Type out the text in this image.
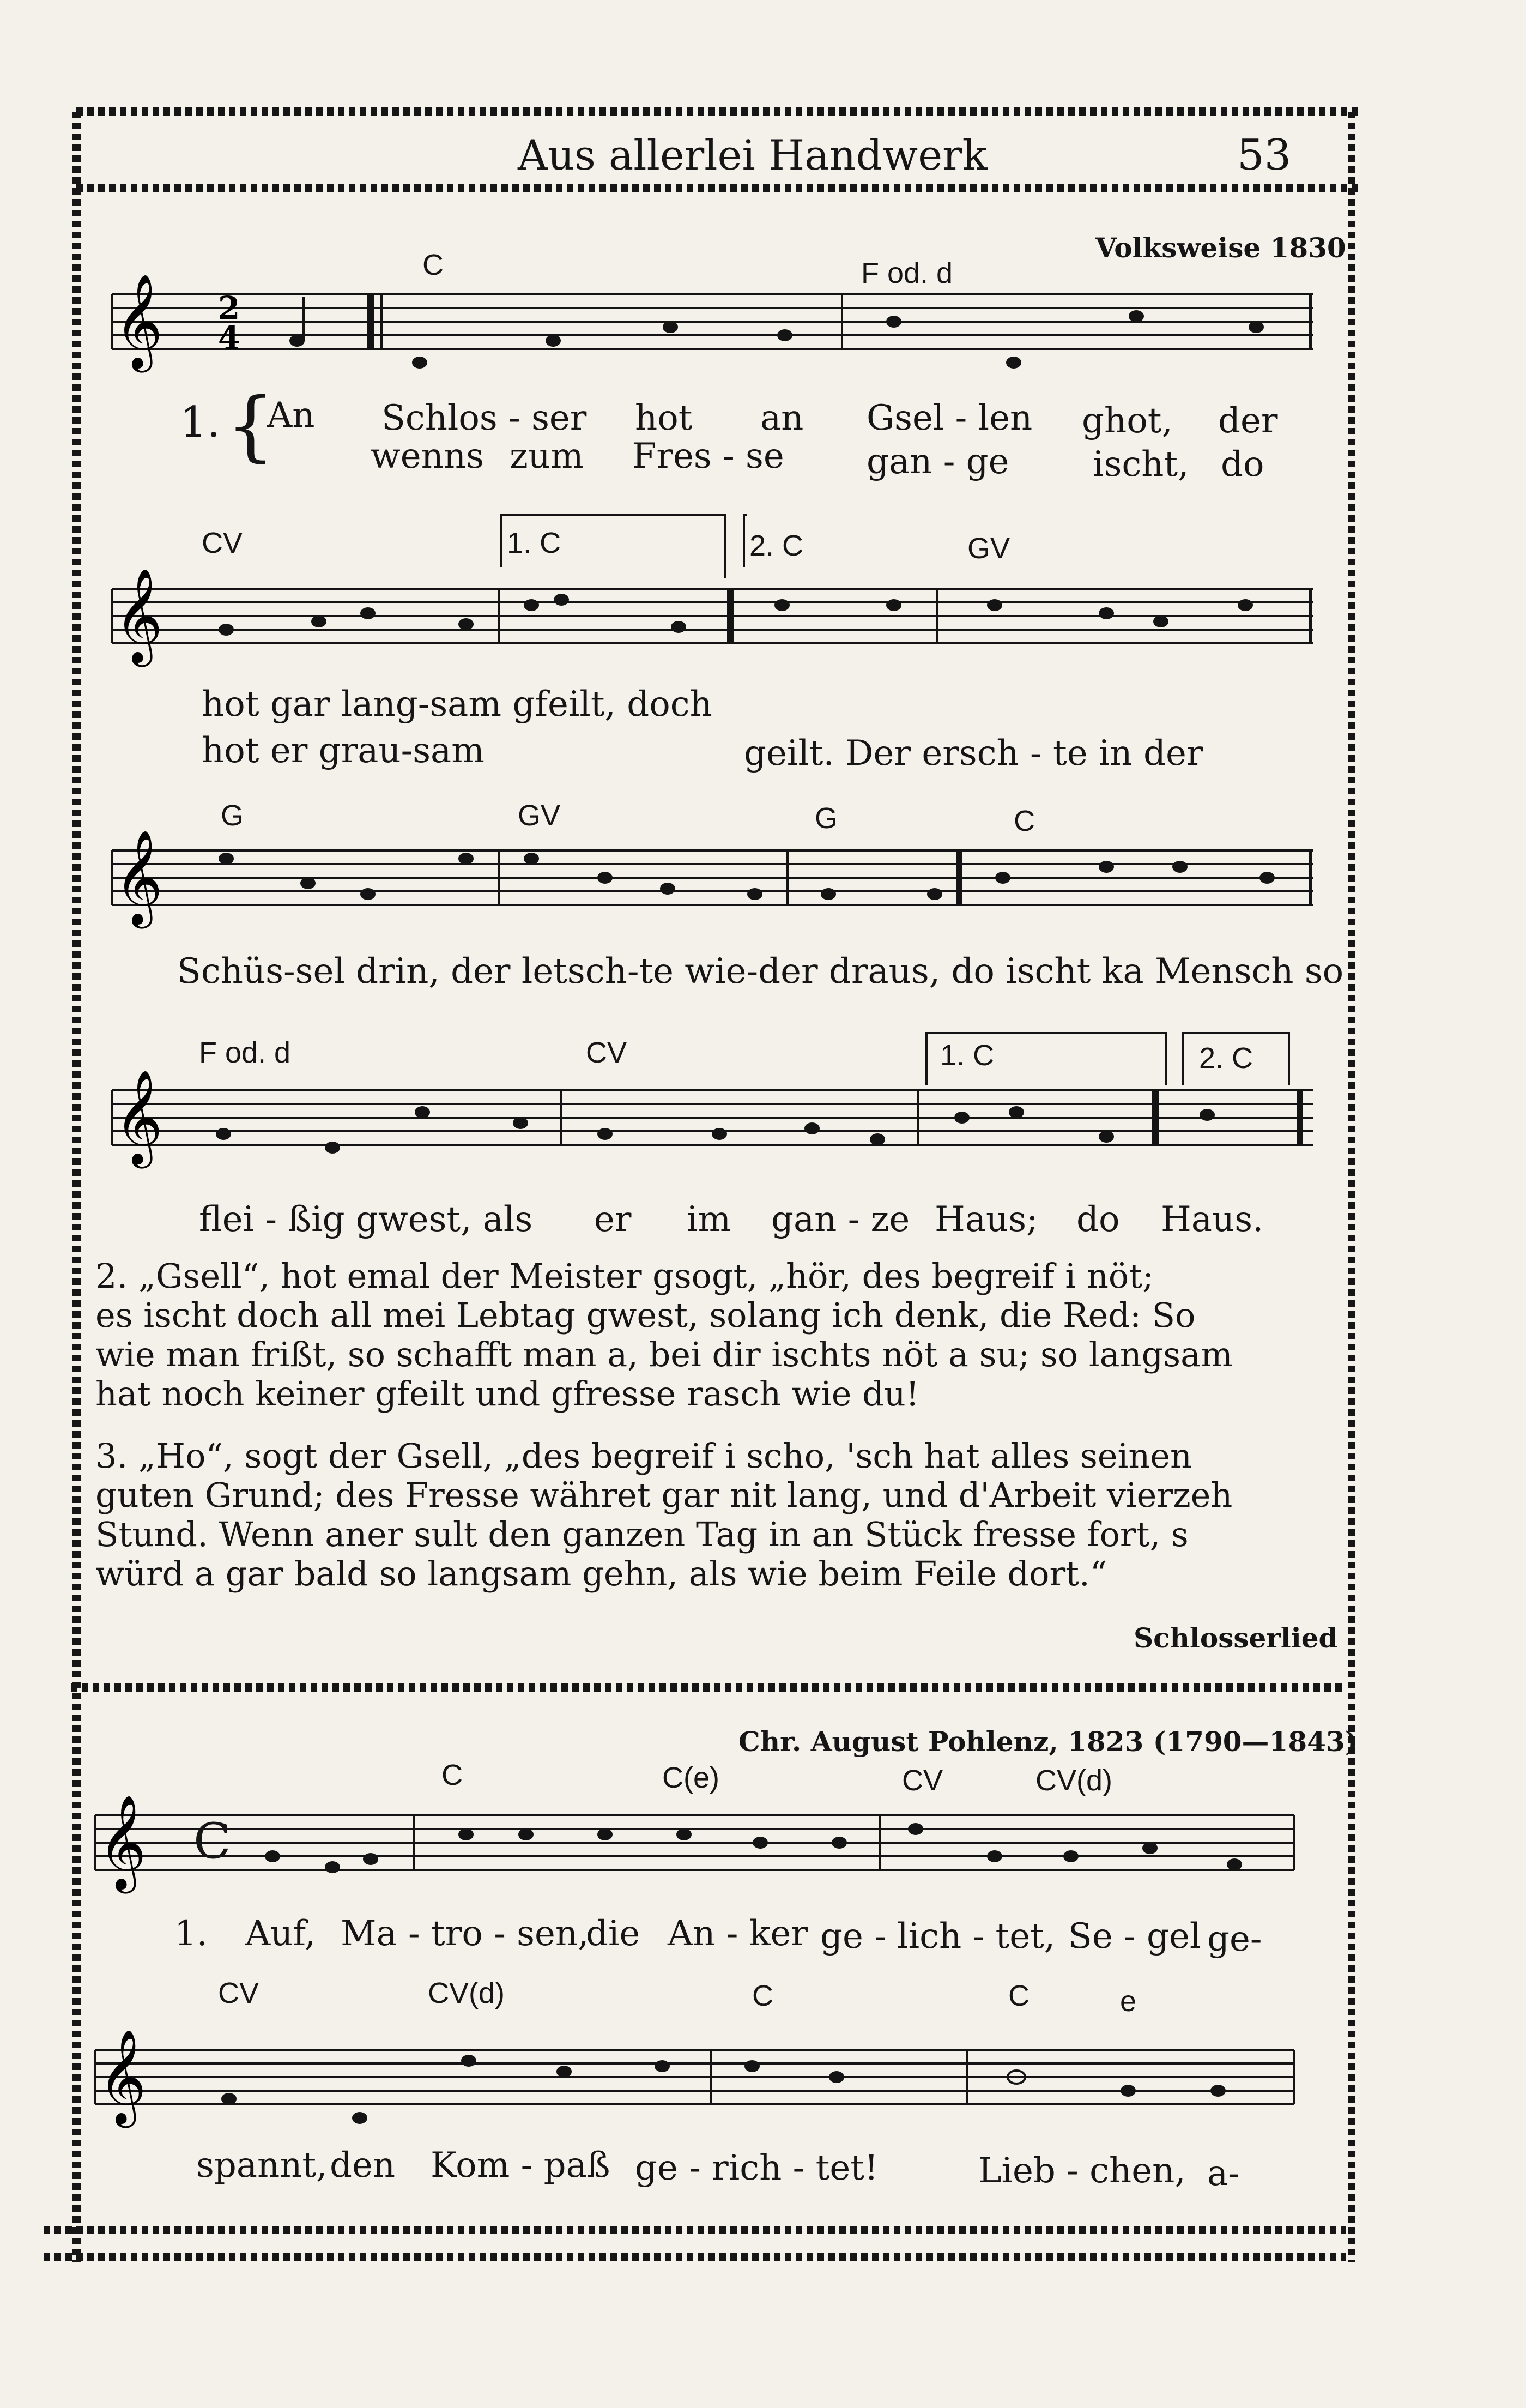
Aus allerlei Handwerk	53
Volksweise 1830
𝄞 2
4
C	F od. d
1. {
An Schlos - ser hot an Gsel - len ghot, der
wenns zum Fres - se gan - ge ischt, do
𝄞
CV	1. C	2. C	GV
hot gar lang-sam gfeilt, doch
hot er grau-sam	geilt. Der ersch - te in der
𝄞
G	GV	G	C
Schüs-sel drin, der letsch-te wie-der draus, do ischt ka Mensch so
𝄞
F od. d	CV	1. C	2. C
flei - ßig gwest, als er im gan - ze Haus; do Haus.
2. „Gsell“, hot emal der Meister gsogt, „hör, des begreif i nöt;
es ischt doch all mei Lebtag gwest, solang ich denk, die Red: So
wie man frißt, so schafft man a, bei dir ischts nöt a su; so langsam
hat noch keiner gfeilt und gfresse rasch wie du!
3. „Ho“, sogt der Gsell, „des begreif i scho, 'sch hat alles seinen
guten Grund; des Fresse währet gar nit lang, und d'Arbeit vierzeh
Stund. Wenn aner sult den ganzen Tag in an Stück fresse fort, s
würd a gar bald so langsam gehn, als wie beim Feile dort.“
Schlosserlied
Chr. August Pohlenz, 1823 (1790—1843)
𝄞 C
C	C(e)	CV	CV(d)
1. Auf, Ma - tro - sen,
die An - ker ge - lich - tet, Se - gel ge-
𝄞
CV	CV(d)	C	C	e
spannt, den Kom - paß ge - rich - tet!	Lieb - chen, a-
